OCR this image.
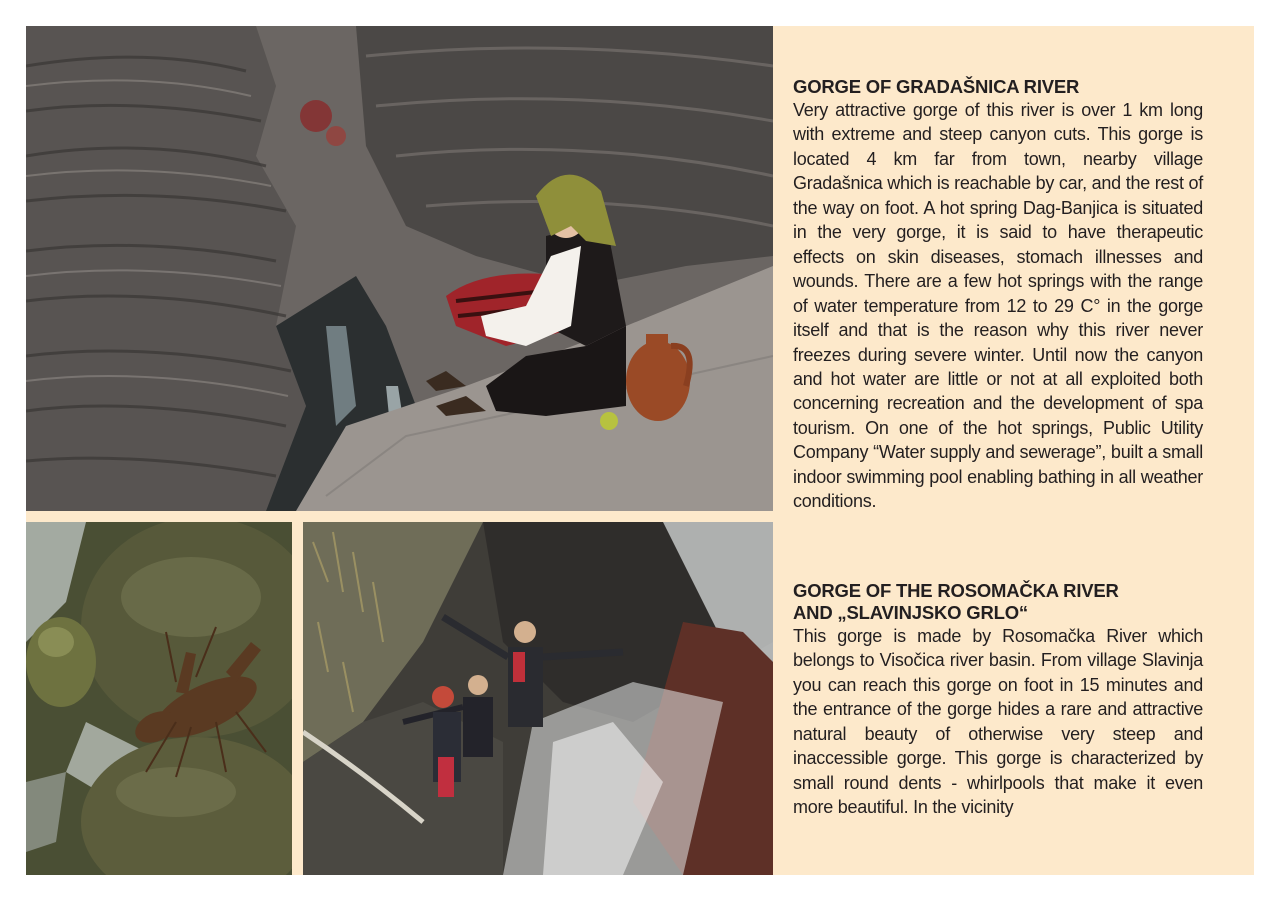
GORGE OF GRADAŠNICA RIVER

Very attractive gorge of this river is over 1 km long with extreme and steep canyon cuts. This gorge is located 4 km far from town, nearby village Gradašnica which is reachable by car, and the rest of the way on foot. A hot spring Dag-Banjica is situated in the very gorge, it is said to have therapeutic effects on skin diseases, stomach illnesses and wounds. There are a few hot springs with the range of water temperature from 12 to 29 C° in the gorge itself and that is the reason why this river never freezes during severe winter. Until now the canyon and hot water are little or not at all exploited both concerning recreation and the development of spa tourism. On one of the hot springs, Public Utility Company “Water supply and sewerage”, built a small indoor swimming pool enabling bathing in all weather conditions.

GORGE OF THE ROSOMAČKA RIVER
AND „SLAVINJSKO GRLO“

This gorge is made by Rosomačka River which belongs to Visočica river basin. From village Slavinja you can reach this gorge on foot in 15 minutes and the entrance of the gorge hides a rare and attractive natural beauty of otherwise very steep and inaccessible gorge. This gorge is characterized by small round dents - whirlpools that make it even more beautiful. In the vicinity
